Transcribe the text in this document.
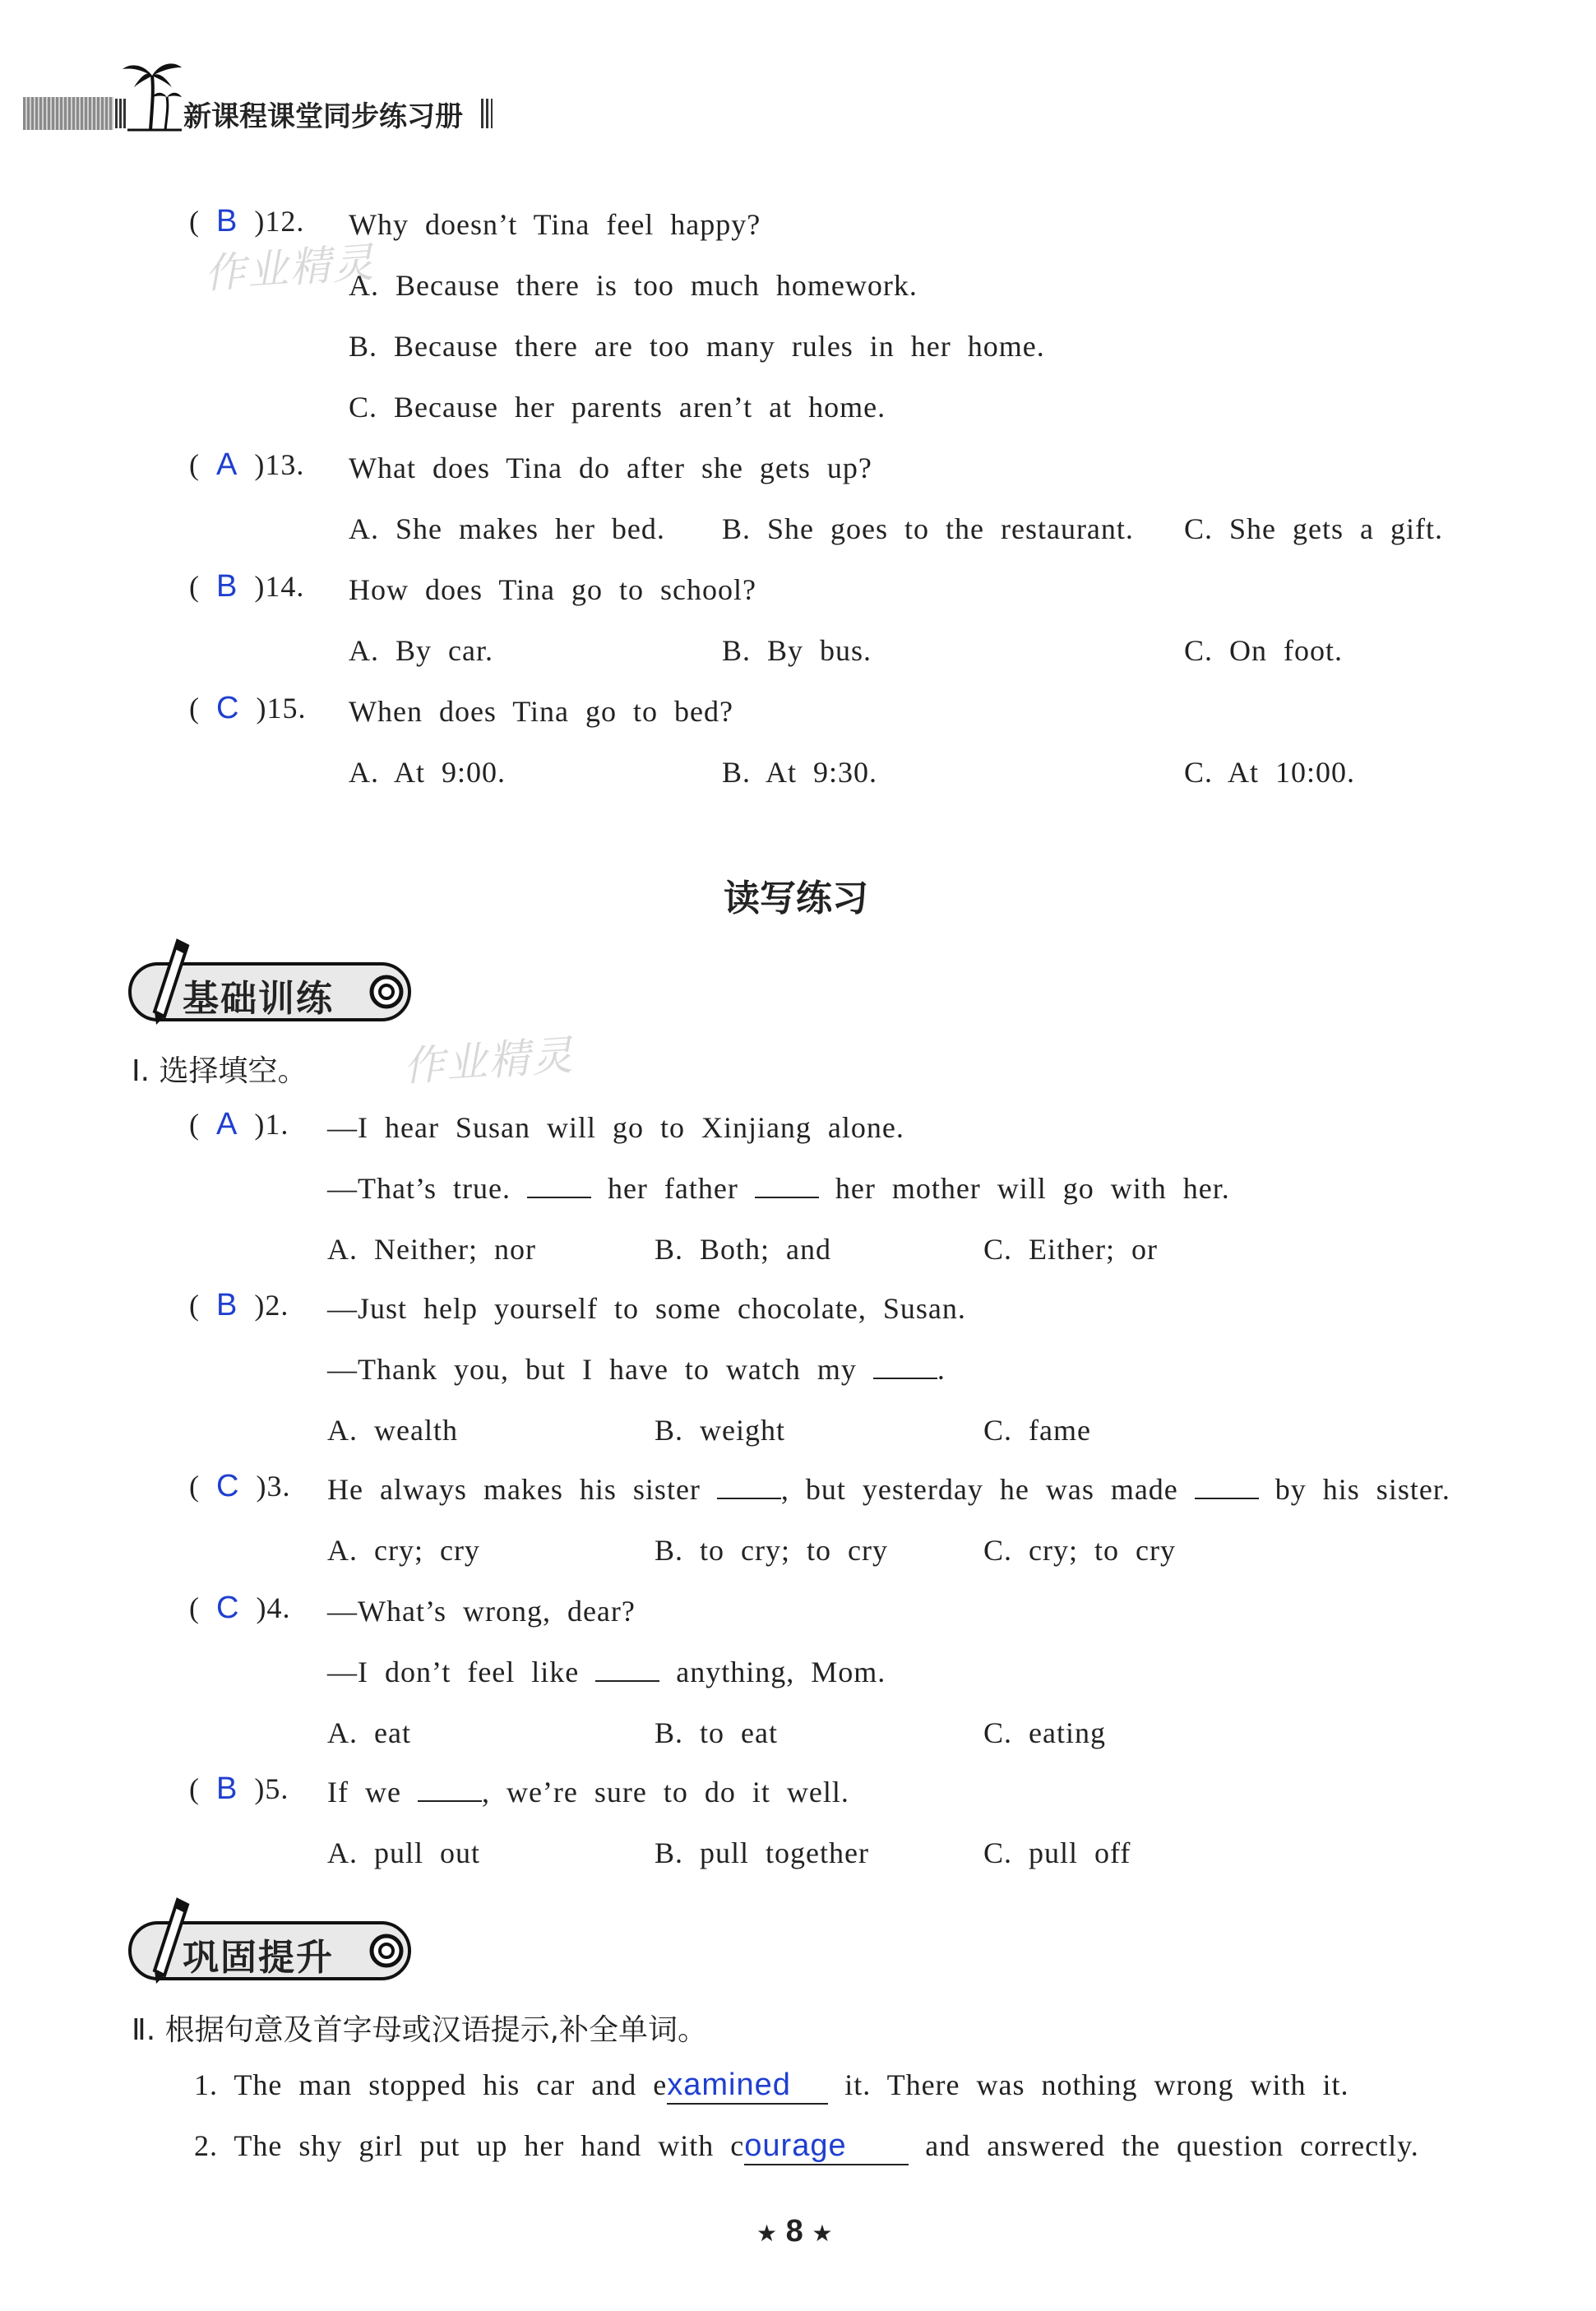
新课程课堂同步练习册
作业精灵
作业精灵
( B )12. Why doesn’t Tina feel happy?
A. Because there is too much homework.
B. Because there are too many rules in her home.
C. Because her parents aren’t at home.
( A )13. What does Tina do after she gets up?
A. She makes her bed. B. She goes to the restaurant. C. She gets a gift.
( B )14. How does Tina go to school?
A. By car.	B. By bus.	C. On foot.
( C )15. When does Tina go to bed?
A. At 9:00.	B. At 9:30.	C. At 10:00.
读写练习
基础训练
Ⅰ. 选择填空。
( A )1. —I hear Susan will go to Xinjiang alone.
—That’s true.	her father	her mother will go with her.
A. Neither; nor	B. Both; and	C. Either; or
( B )2. —Just help yourself to some chocolate, Susan.
—Thank you, but I have to watch my	.
A. wealth	B. weight	C. fame
( C )3. He always makes his sister	, but yesterday he was made	by his sister.
A. cry; cry	B. to cry; to cry	C. cry; to cry
( C )4. —What’s wrong, dear?
—I don’t feel like	anything, Mom.
A. eat	B. to eat	C. eating
( B )5. If we	, we’re sure to do it well.
A. pull out	B. pull together	C. pull off
巩固提升
Ⅱ. 根据句意及首字母或汉语提示,补全单词。
1. The man stopped his car and examined it. There was nothing wrong with it.
2. The shy girl put up her hand with courage	and answered the question correctly.
★ 8 ★
